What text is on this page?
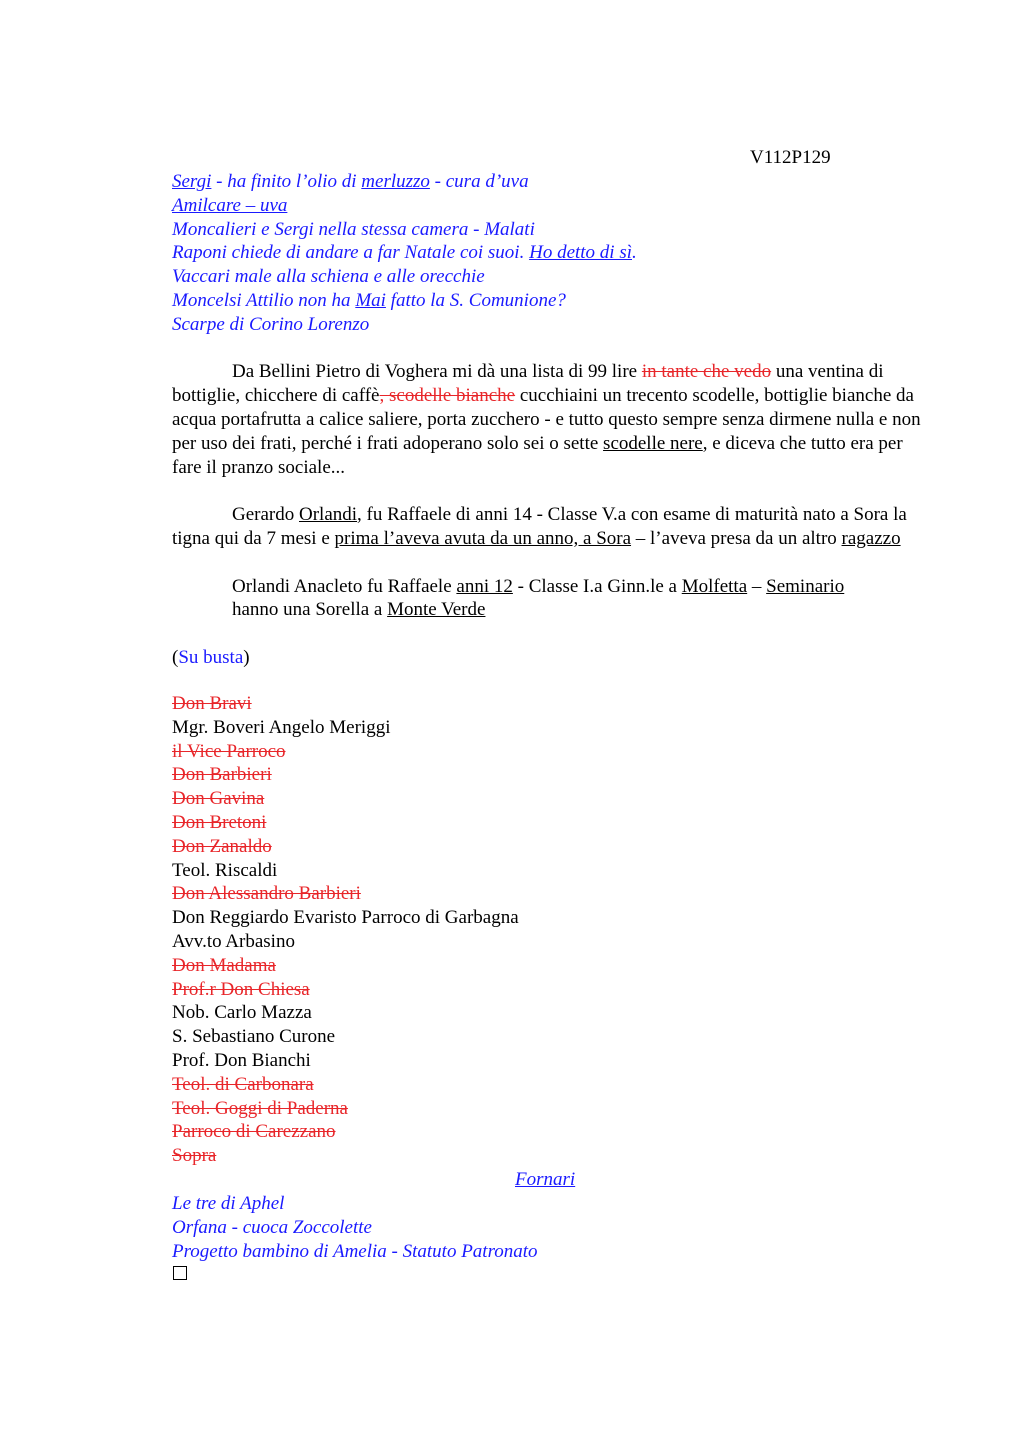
V112P129
Sergi - ha finito l’olio di merluzzo - cura d’uva
Amilcare – uva
Moncalieri e Sergi nella stessa camera - Malati
Raponi chiede di andare a far Natale coi suoi. Ho detto di sì.
Vaccari male alla schiena e alle orecchie
Moncelsi Attilio non ha Mai fatto la S. Comunione?
Scarpe di Corino Lorenzo
Da Bellini Pietro di Voghera mi dà una lista di 99 lire in tante che vedo una ventina di bottiglie, chicchere di caffè, scodelle bianche cucchiaini un trecento scodelle, bottiglie bianche da acqua portafrutta a calice saliere, porta zucchero - e tutto questo sempre senza dirmene nulla e non per uso dei frati, perché i frati adoperano solo sei o sette scodelle nere, e diceva che tutto era per fare il pranzo sociale...
Gerardo Orlandi, fu Raffaele di anni 14 - Classe V.a con esame di maturità nato a Sora la tigna qui da 7 mesi e prima l’aveva avuta da un anno, a Sora – l’aveva presa da un altro ragazzo
Orlandi Anacleto fu Raffaele anni 12 - Classe I.a Ginn.le a Molfetta – Seminario
hanno una Sorella a Monte Verde
(Su busta)
Don Bravi
Mgr. Boveri Angelo Meriggi
il Vice Parroco
Don Barbieri
Don Gavina
Don Bretoni
Don Zanaldo
Teol. Riscaldi
Don Alessandro Barbieri
Don Reggiardo Evaristo Parroco di Garbagna
Avv.to Arbasino
Don Madama
Prof.r Don Chiesa
Nob. Carlo Mazza
S. Sebastiano Curone
Prof. Don Bianchi
Teol. di Carbonara
Teol. Goggi di Paderna
Parroco di Carezzano
Sopra
Fornari
Le tre di Aphel
Orfana - cuoca Zoccolette
Progetto bambino di Amelia - Statuto Patronato
